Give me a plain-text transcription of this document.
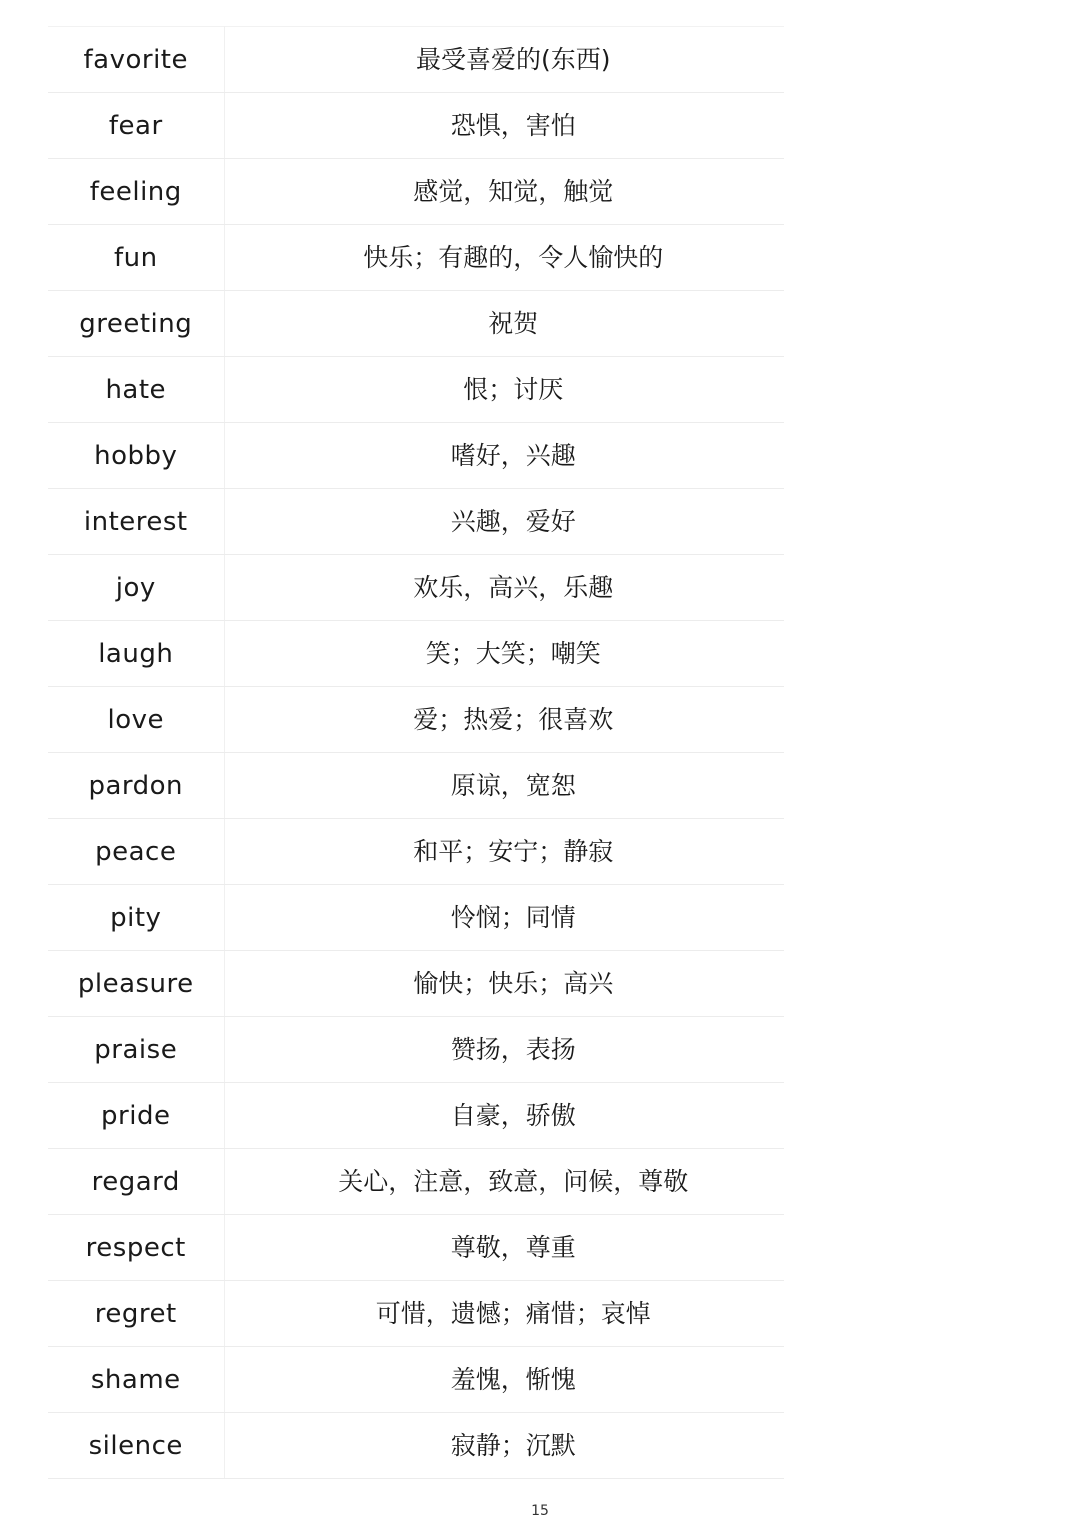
favorite	最受喜爱的(东西)
fear	恐惧，害怕
feeling	感觉，知觉，触觉
fun	快乐；有趣的，令人愉快的
greeting	祝贺
hate	恨；讨厌
hobby	嗜好，兴趣
interest	兴趣，爱好
joy	欢乐，高兴，乐趣
laugh	笑；大笑；嘲笑
love	爱；热爱；很喜欢
pardon	原谅，宽恕
peace	和平；安宁；静寂
pity	怜悯；同情
pleasure	愉快；快乐；高兴
praise	赞扬，表扬
pride	自豪，骄傲
regard	关心，注意，致意，问候，尊敬
respect	尊敬，尊重
regret	可惜，遗憾；痛惜；哀悼
shame	羞愧，惭愧
silence	寂静；沉默
15
